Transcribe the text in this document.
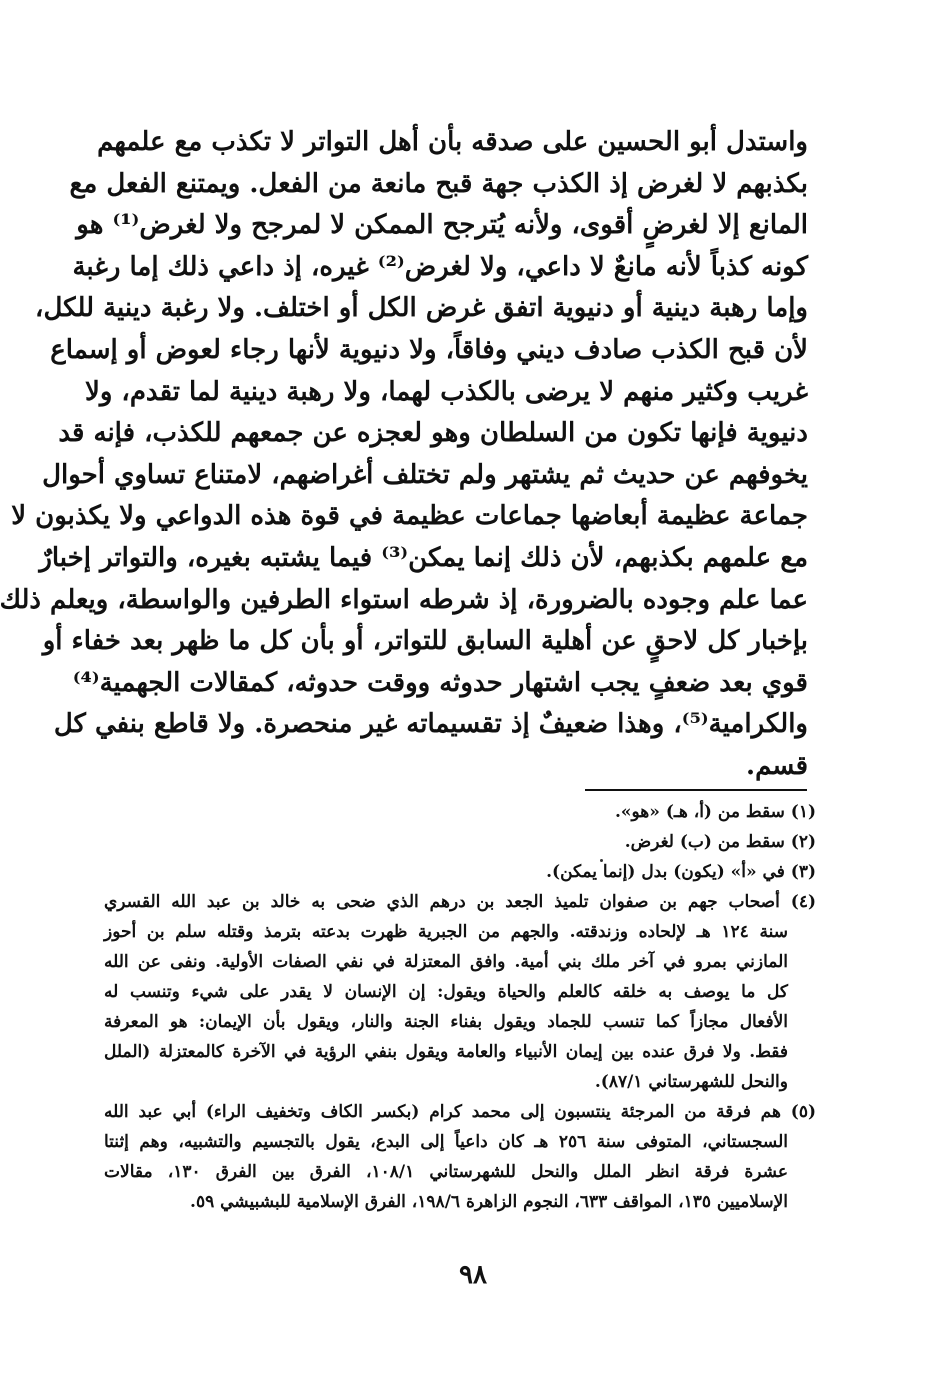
واستدل أبو الحسين على صدقه بأن أهل التواتر لا تكذب مع علمهم
بكذبهم لا لغرض إذ الكذب جهة قبح مانعة من الفعل. ويمتنع الفعل مع
المانع إلا لغرضٍ أقوى، ولأنه يُترجح الممكن لا لمرجح ولا لغرض⁽¹⁾ هو
كونه كذباً لأنه مانعٌ لا داعي، ولا لغرض⁽²⁾ غيره، إذ داعي ذلك إما رغبة
وإما رهبة دينية أو دنيوية اتفق غرض الكل أو اختلف. ولا رغبة دينية للكل،
لأن قبح الكذب صادف ديني وفاقاً، ولا دنيوية لأنها رجاء لعوض أو إسماع
غريب وكثير منهم لا يرضى بالكذب لهما، ولا رهبة دينية لما تقدم، ولا
دنيوية فإنها تكون من السلطان وهو لعجزه عن جمعهم للكذب، فإنه قد
يخوفهم عن حديث ثم يشتهر ولم تختلف أغراضهم، لامتناع تساوي أحوال
جماعة عظيمة أبعاضها جماعات عظيمة في قوة هذه الدواعي ولا يكذبون لا
مع علمهم بكذبهم، لأن ذلك إنما يمكن⁽³⁾ فيما يشتبه بغيره، والتواتر إخبارٌ
عما علم وجوده بالضرورة، إذ شرطه استواء الطرفين والواسطة، ويعلم ذلك
بإخبار كل لاحقٍ عن أهلية السابق للتواتر، أو بأن كل ما ظهر بعد خفاء أو
قوي بعد ضعفٍ يجب اشتهار حدوثه ووقت حدوثه، كمقالات الجهمية⁽⁴⁾
والكرامية⁽⁵⁾، وهذا ضعيفٌ إذ تقسيماته غير منحصرة. ولا قاطع بنفي كل
قسم.
(١) سقط من (أ، هـ) «هو».
(٢) سقط من (ب) لغرض.
(٣) في «أ» (يكون) بدل (إنما يمكن).
(٤) أصحاب جهم بن صفوان تلميذ الجعد بن درهم الذي ضحى به خالد بن عبد الله القسري
سنة ١٢٤ هـ لإلحاده وزندقته. والجهم من الجبرية ظهرت بدعته بترمذ وقتله سلم بن أحوز
المازني بمرو في آخر ملك بني أمية. وافق المعتزلة في نفي الصفات الأولية. ونفى عن الله
كل ما يوصف به خلقه كالعلم والحياة ويقول: إن الإنسان لا يقدر على شيء وتنسب له
الأفعال مجازاً كما تنسب للجماد ويقول بفناء الجنة والنار، ويقول بأن الإيمان: هو المعرفة
فقط. ولا فرق عنده بين إيمان الأنبياء والعامة ويقول بنفي الرؤية في الآخرة كالمعتزلة (الملل
والنحل للشهرستاني ٨٧/١).
(٥) هم فرقة من المرجئة ينتسبون إلى محمد كرام (بكسر الكاف وتخفيف الراء) أبي عبد الله
السجستاني، المتوفى سنة ٢٥٦ هـ كان داعياً إلى البدع، يقول بالتجسيم والتشبيه، وهم إثنتا
عشرة فرقة انظر الملل والنحل للشهرستاني ١٠٨/١، الفرق بين الفرق ١٣٠، مقالات
الإسلاميين ١٣٥، المواقف ٦٣٣، النجوم الزاهرة ١٩٨/٦، الفرق الإسلامية للبشبيشي ٥٩.
٩٨
